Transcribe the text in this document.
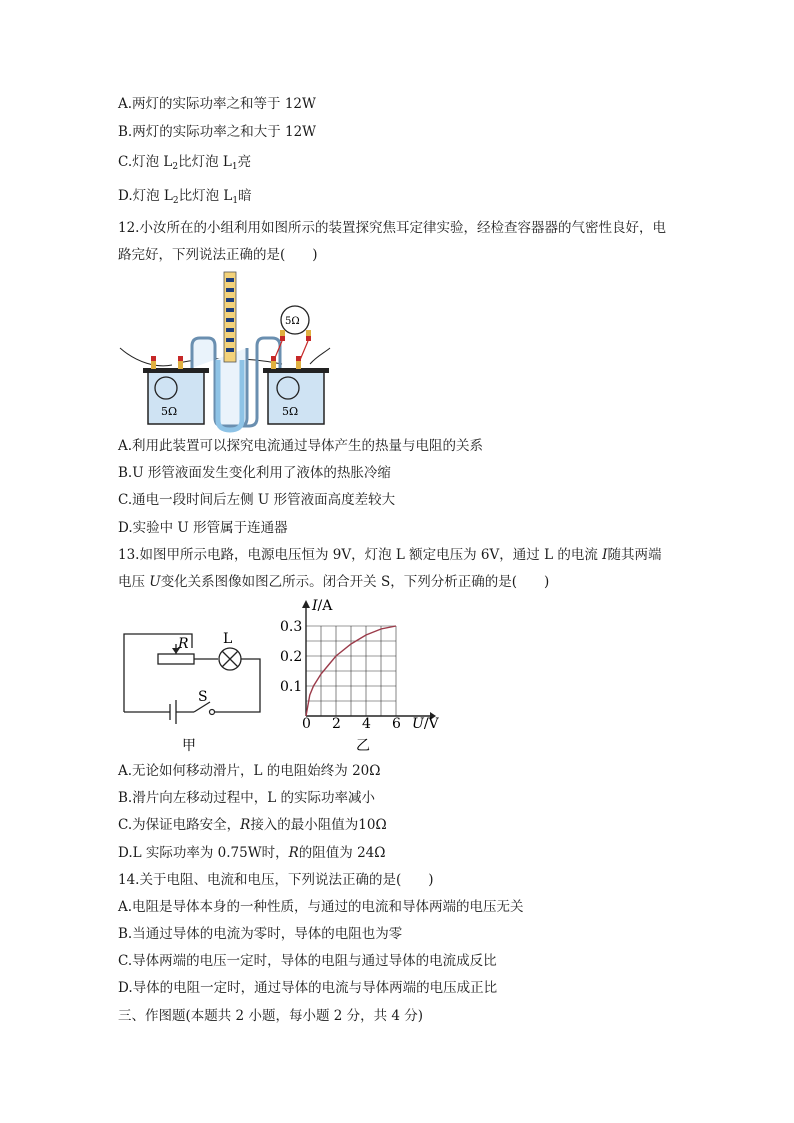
A.两灯的实际功率之和等于 12W
B.两灯的实际功率之和大于 12W
C.灯泡 $L_2$比灯泡 $L_1$亮
D.灯泡 $L_2$比灯泡 $L_1$暗
12.小汝所在的小组利用如图所示的装置探究焦耳定律实验，经检查容器器的气密性良好，电
路完好，下列说法正确的是(　　)
5Ω	5Ω
5Ω
A.利用此装置可以探究电流通过导体产生的热量与电阻的关系
B.U 形管液面发生变化利用了液体的热胀冷缩
C.通电一段时间后左侧 U 形管液面高度差较大
D.实验中 U 形管属于连通器
13.如图甲所示电路，电源电压恒为 9V，灯泡 L 额定电压为 6V，通过 L 的电流 I随其两端
电压 U变化关系图像如图乙所示。闭合开关 S，下列分析正确的是(　　)
R L
S
甲
0 2 4 6
0.1
0.2
0.3
I/A
U/V
乙
A.无论如何移动滑片，L 的电阻始终为 20Ω
B.滑片向左移动过程中，L 的实际功率减小
C.为保证电路安全，R接入的最小阻值为10Ω
D.L 实际功率为 0.75W时，R的阻值为 24Ω
14.关于电阻、电流和电压，下列说法正确的是(　　)
A.电阻是导体本身的一种性质，与通过的电流和导体两端的电压无关
B.当通过导体的电流为零时，导体的电阻也为零
C.导体两端的电压一定时，导体的电阻与通过导体的电流成反比
D.导体的电阻一定时，通过导体的电流与导体两端的电压成正比
三、作图题(本题共 2 小题，每小题 2 分，共 4 分)
